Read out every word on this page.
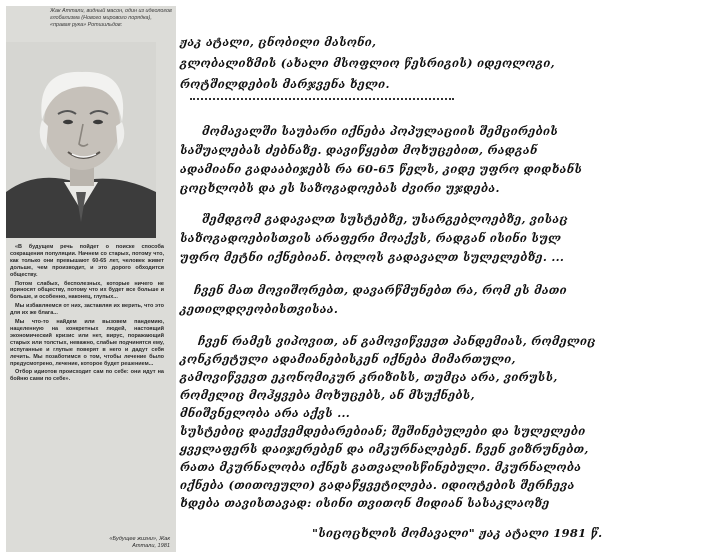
Жак Аттали, видный масон, один из идеологов глобализма (Нового мирового порядка), «правая рука» Ротшильдов:

«В будущем речь пойдет о поиске способа сокращения популяции. Начнем со старых, потому что, как только они превышают 60-65 лет, человек живет дольше, чем производит, и это дорого обходится обществу.

Потом слабых, бесполезных, которые ничего не приносят обществу, потому что их будет все больше и больше, и особенно, наконец, глупых...

Мы избавляемся от них, заставляя их верить, что это для их же блага...

Мы что-то найдем или вызовем пандемию, нацеленную на конкретных людей, настоящий экономический кризис или нет, вирус, поражающий старых или толстых, неважно, слабые подчинятся ему, испуганные и глупые поверят в него и дадут себя лечить. Мы позаботимся о том, чтобы лечение было предусмотрено, лечение, которое будет решением...

Отбор идиотов происходит сам по себе: они идут на бойню сами по себе».

«Будущее жизни», Жак Аттали, 1981
ჟაკ ატალი, ცნობილი მასონი,
გლობალიზმის (ახალი მსოფლიო წესრიგის) იდეოლოგი,
როტშილდების მარჯვენა ხელი.
მომავალში საუბარი იქნება პოპულაციის შემცირების
საშუალებას ძებნაზე. დავიწყებთ მოხუცებით, რადგან
ადამიანი გადააბიჯებს რა 60-65 წელს, კიდე უფრო დიდხანს
ცოცხლობს და ეს საზოგადოებას ძვირი უჯდება.
შემდგომ გადავალთ სუსტებზე, უსარგებლოებზე, ვისაც
საზოგადოებისთვის არაფერი მოაქვს, რადგან ისინი სულ
უფრო მეტნი იქნებიან. ბოლოს გადავალთ სულელებზე. ...
ჩვენ მათ მოვიშორებთ, დავარწმუნებთ რა, რომ ეს მათი
კეთილდღეობისთვისაა.
ჩვენ რამეს ვიპოვით, ან გამოვიწვევთ პანდემიას, რომელიც
კონკრეტული ადამიანებისკენ იქნება მიმართული,
გამოვიწვევთ ეკონომიკურ კრიზისს, თუმცა არა, ვირუსს,
რომელიც მოჰყვება მოხუცებს, ან მსუქნებს,
მნიშვნელობა არა აქვს ...
სუსტებიც დაექვემდებარებიან; შეშინებულები და სულელები
ყველაფერს დაიჯერებენ და იმკურნალებენ. ჩვენ ვიზრუნებთ,
რათა მკურნალობა იქნეს გათვალისწინებული. მკურნალობა
იქნება (თითოეული) გადაწყვეტილება. იდიოტების შერჩევა
ხდება თავისთავად: ისინი თვითონ მიდიან სასაკლაოზე
"სიცოცხლის მომავალი" ჟაკ ატალი 1981 წ.
